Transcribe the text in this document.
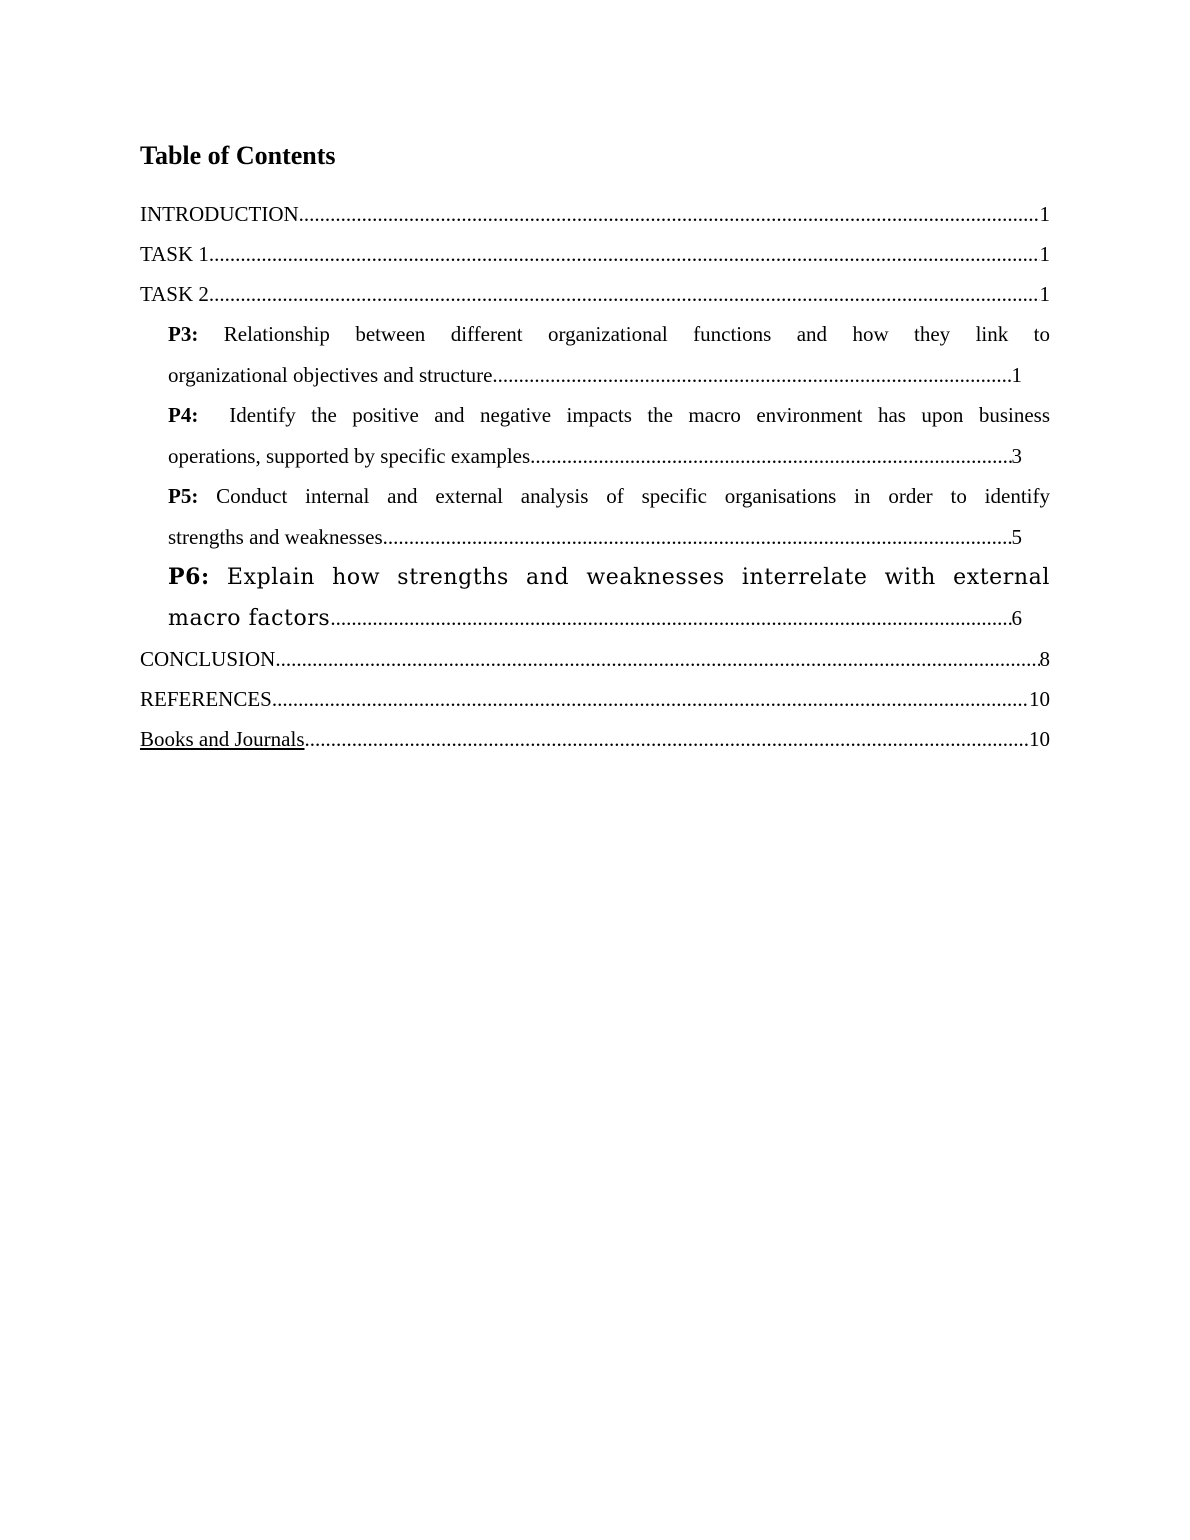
Table of Contents
INTRODUCTION .....	1
TASK 1 .....	1
TASK 2 .....	1
P3: Relationship between different organizational functions and how they link to
organizational objectives and structure .....	1
P4: Identify the positive and negative impacts the macro environment has upon business
operations, supported by specific examples .....	3
P5: Conduct internal and external analysis of specific organisations in order to identify
strengths and weaknesses .....	5
P6: Explain how strengths and weaknesses interrelate with external
macro factors .....	6
CONCLUSION .....	8
REFERENCES .....	10
Books and Journals .....	10
